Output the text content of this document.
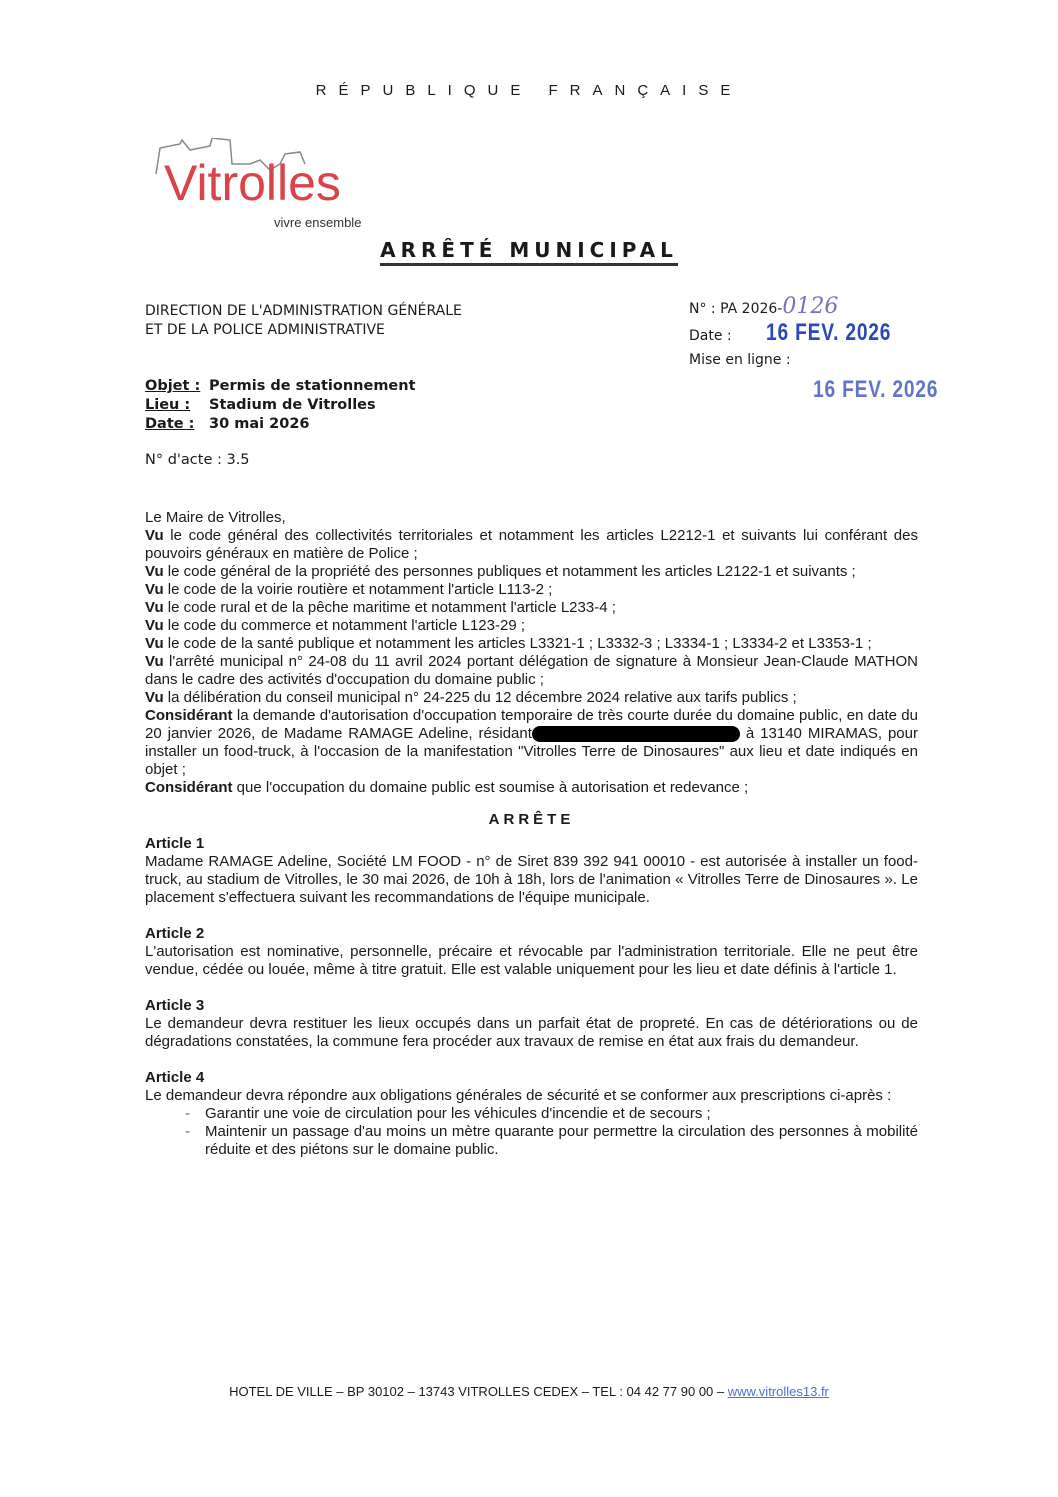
RÉPUBLIQUE FRANÇAISE
Vitrolles
vivre ensemble
ARRÊTÉ MUNICIPAL
DIRECTION DE L'ADMINISTRATION GÉNÉRALE
ET DE LA POLICE ADMINISTRATIVE
N° : PA 2026-0126
Date : 16 FEV. 2026
Mise en ligne :
16 FEV. 2026
Objet : Permis de stationnement
Lieu : Stadium de Vitrolles
Date : 30 mai 2026
N° d'acte : 3.5

Le Maire de Vitrolles,

Vu le code général des collectivités territoriales et notamment les articles L2212-1 et suivants lui conférant des pouvoirs généraux en matière de Police ;

Vu le code général de la propriété des personnes publiques et notamment les articles L2122-1 et suivants ;

Vu le code de la voirie routière et notamment l'article L113-2 ;

Vu le code rural et de la pêche maritime et notamment l'article L233-4 ;

Vu le code du commerce et notamment l'article L123-29 ;

Vu le code de la santé publique et notamment les articles L3321-1 ; L3332-3 ; L3334-1 ; L3334-2 et L3353-1 ;

Vu l'arrêté municipal n° 24-08 du 11 avril 2024 portant délégation de signature à Monsieur Jean-Claude MATHON dans le cadre des activités d'occupation du domaine public ;

Vu la délibération du conseil municipal n° 24-225 du 12 décembre 2024 relative aux tarifs publics ;

Considérant la demande d'autorisation d'occupation temporaire de très courte durée du domaine public, en date du 20 janvier 2026, de Madame RAMAGE Adeline, résidant	à 13140 MIRAMAS, pour installer un food-truck, à l'occasion de la manifestation "Vitrolles Terre de Dinosaures" aux lieu et date indiqués en objet ;

Considérant que l'occupation du domaine public est soumise à autorisation et redevance ;

ARRÊTE
Article 1

Madame RAMAGE Adeline, Société LM FOOD - n° de Siret 839 392 941 00010 - est autorisée à installer un food-truck, au stadium de Vitrolles, le 30 mai 2026, de 10h à 18h, lors de l'animation « Vitrolles Terre de Dinosaures ». Le placement s'effectuera suivant les recommandations de l'équipe municipale.

Article 2

L'autorisation est nominative, personnelle, précaire et révocable par l'administration territoriale. Elle ne peut être vendue, cédée ou louée, même à titre gratuit. Elle est valable uniquement pour les lieu et date définis à l'article 1.

Article 3

Le demandeur devra restituer les lieux occupés dans un parfait état de propreté. En cas de détériorations ou de dégradations constatées, la commune fera procéder aux travaux de remise en état aux frais du demandeur.

Article 4

Le demandeur devra répondre aux obligations générales de sécurité et se conformer aux prescriptions ci-après :

- Garantir une voie de circulation pour les véhicules d'incendie et de secours ;
- Maintenir un passage d'au moins un mètre quarante pour permettre la circulation des personnes à mobilité réduite et des piétons sur le domaine public.
HOTEL DE VILLE – BP 30102 – 13743 VITROLLES CEDEX – TEL : 04 42 77 90 00 – www.vitrolles13.fr
